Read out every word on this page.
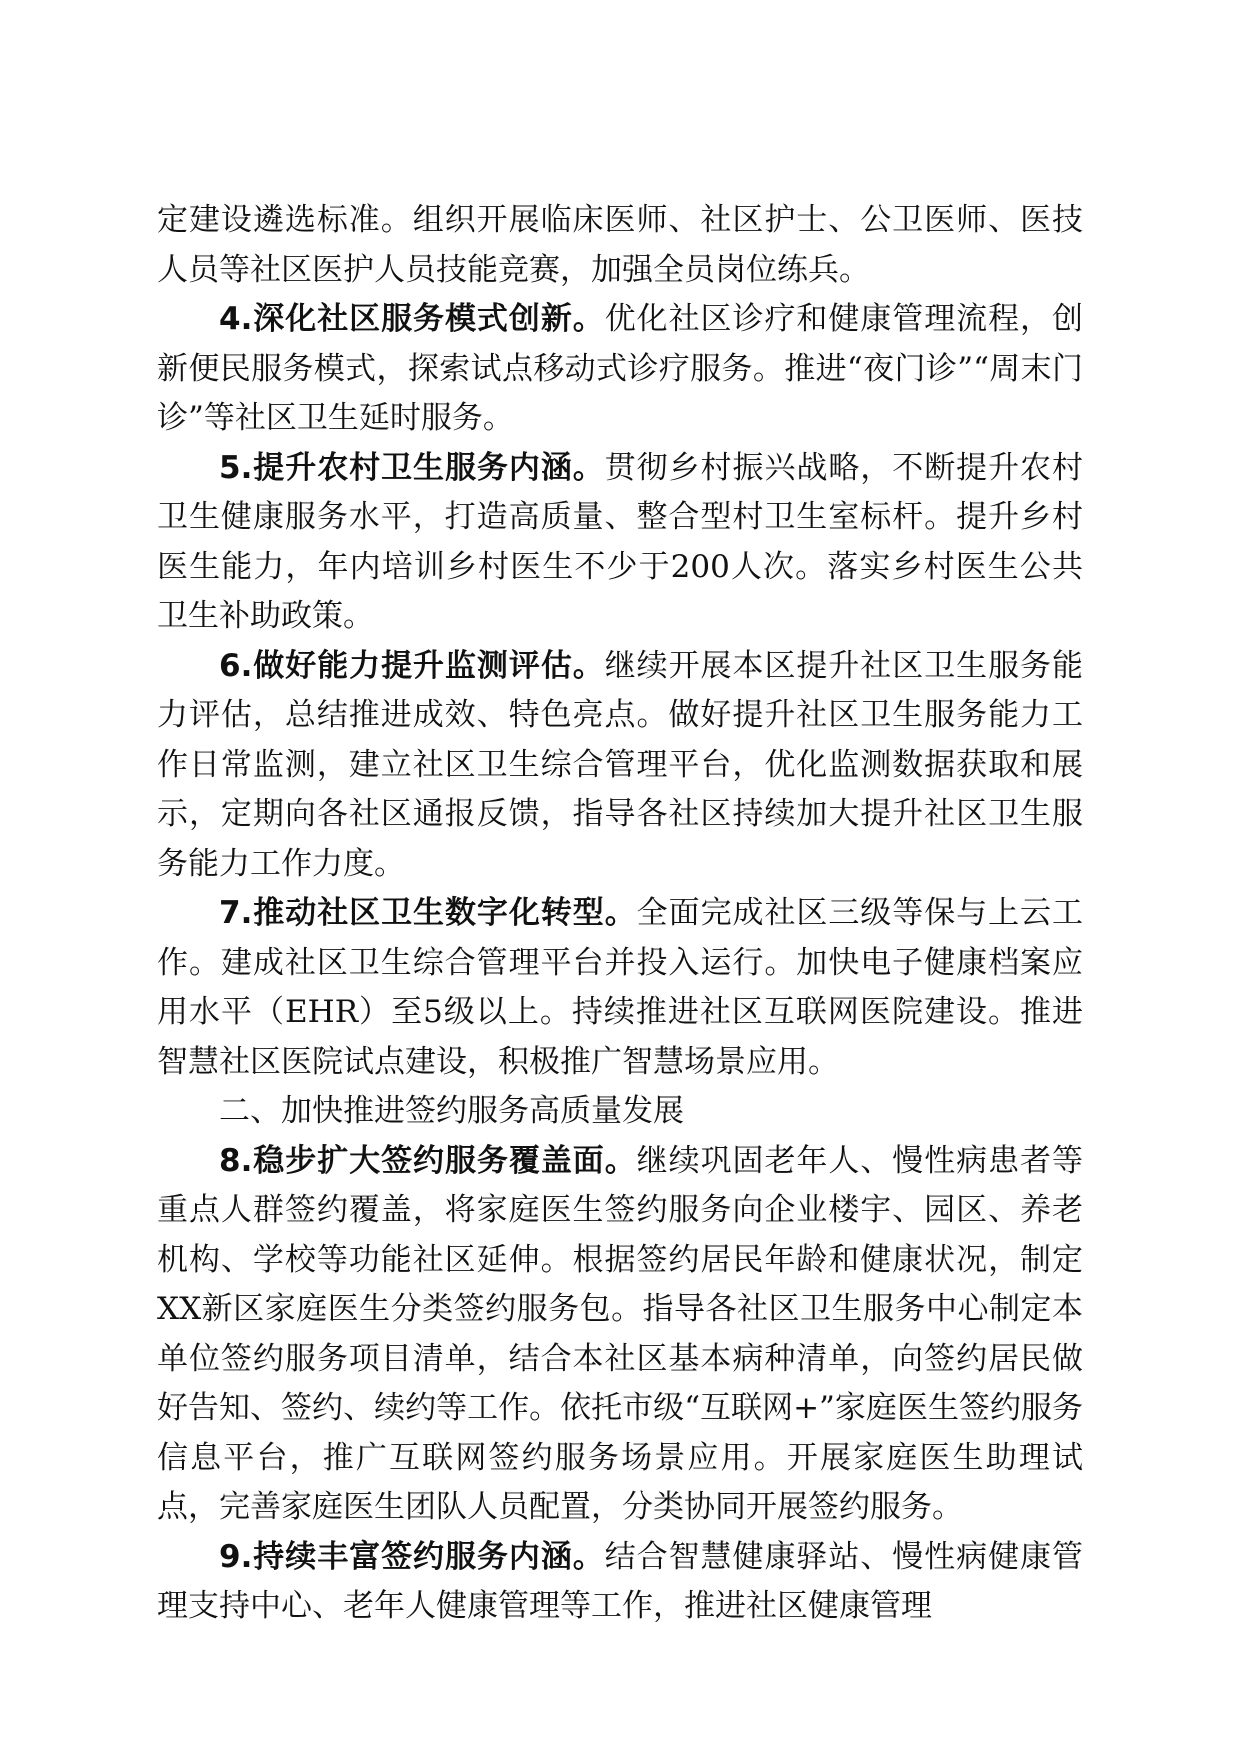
定建设遴选标准。组织开展临床医师、社区护士、公卫医师、医技人员等社区医护人员技能竞赛，加强全员岗位练兵。

4.深化社区服务模式创新。优化社区诊疗和健康管理流程，创新便民服务模式，探索试点移动式诊疗服务。推进“夜门诊”“周末门诊”等社区卫生延时服务。

5.提升农村卫生服务内涵。贯彻乡村振兴战略，不断提升农村卫生健康服务水平，打造高质量、整合型村卫生室标杆。提升乡村医生能力，年内培训乡村医生不少于200人次。落实乡村医生公共卫生补助政策。

6.做好能力提升监测评估。继续开展本区提升社区卫生服务能力评估，总结推进成效、特色亮点。做好提升社区卫生服务能力工作日常监测，建立社区卫生综合管理平台，优化监测数据获取和展示，定期向各社区通报反馈，指导各社区持续加大提升社区卫生服务能力工作力度。

7.推动社区卫生数字化转型。全面完成社区三级等保与上云工作。建成社区卫生综合管理平台并投入运行。加快电子健康档案应用水平（EHR）至5级以上。持续推进社区互联网医院建设。推进智慧社区医院试点建设，积极推广智慧场景应用。

二、加快推进签约服务高质量发展

8.稳步扩大签约服务覆盖面。继续巩固老年人、慢性病患者等重点人群签约覆盖，将家庭医生签约服务向企业楼宇、园区、养老机构、学校等功能社区延伸。根据签约居民年龄和健康状况，制定XX新区家庭医生分类签约服务包。指导各社区卫生服务中心制定本单位签约服务项目清单，结合本社区基本病种清单，向签约居民做好告知、签约、续约等工作。依托市级“互联网+”家庭医生签约服务信息平台，推广互联网签约服务场景应用。开展家庭医生助理试点，完善家庭医生团队人员配置，分类协同开展签约服务。

9.持续丰富签约服务内涵。结合智慧健康驿站、慢性病健康管理支持中心、老年人健康管理等工作，推进社区健康管理
